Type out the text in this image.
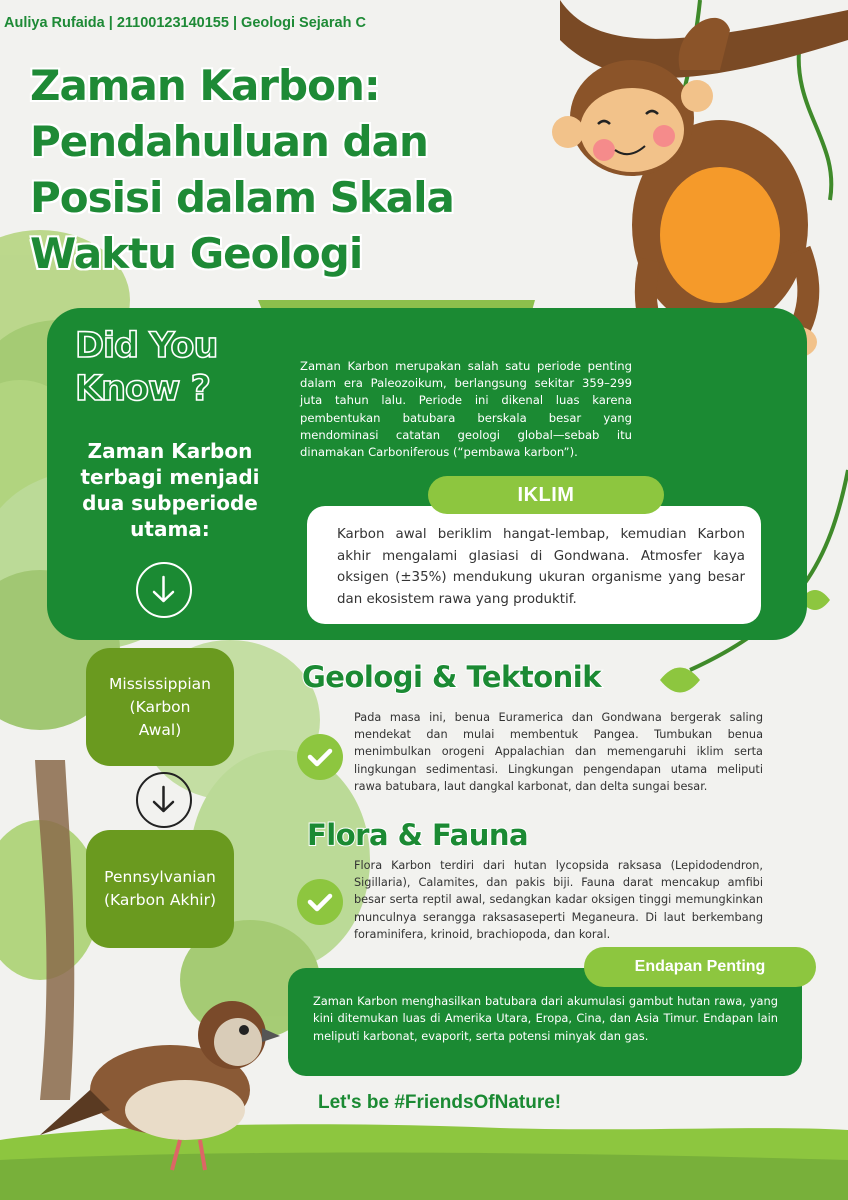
Auliya Rufaida | 21100123140155 | Geologi Sejarah C
Zaman Karbon: Pendahuluan dan Posisi dalam Skala Waktu Geologi
Did You
Know ?
Zaman Karbon terbagi menjadi dua subperiode utama:

Zaman Karbon merupakan salah satu periode penting dalam era Paleozoikum, berlangsung sekitar 359–299 juta tahun lalu. Periode ini dikenal luas karena pembentukan batubara berskala besar yang mendominasi catatan geologi global—sebab itu dinamakan Carboniferous (“pembawa karbon”).

Karbon awal beriklim hangat-lembap, kemudian Karbon akhir mengalami glasiasi di Gondwana. Atmosfer kaya oksigen (±35%) mendukung ukuran organisme yang besar dan ekosistem rawa yang produktif.

IKLIM
Mississippian
(Karbon
Awal)
Pennsylvanian
(Karbon Akhir)
Geologi & Tektonik

Pada masa ini, benua Euramerica dan Gondwana bergerak saling mendekat dan mulai membentuk Pangea. Tumbukan benua menimbulkan orogeni Appalachian dan memengaruhi iklim serta lingkungan sedimentasi. Lingkungan pengendapan utama meliputi rawa batubara, laut dangkal karbonat, dan delta sungai besar.

Flora & Fauna

Flora Karbon terdiri dari hutan lycopsida raksasa (Lepidodendron, Sigillaria), Calamites, dan pakis biji. Fauna darat mencakup amfibi besar serta reptil awal, sedangkan kadar oksigen tinggi memungkinkan munculnya serangga raksasaseperti Meganeura. Di laut berkembang foraminifera, krinoid, brachiopoda, dan koral.

Zaman Karbon menghasilkan batubara dari akumulasi gambut hutan rawa, yang kini ditemukan luas di Amerika Utara, Eropa, Cina, dan Asia Timur. Endapan lain meliputi karbonat, evaporit, serta potensi minyak dan gas.

Endapan Penting
Let's be #FriendsOfNature!
